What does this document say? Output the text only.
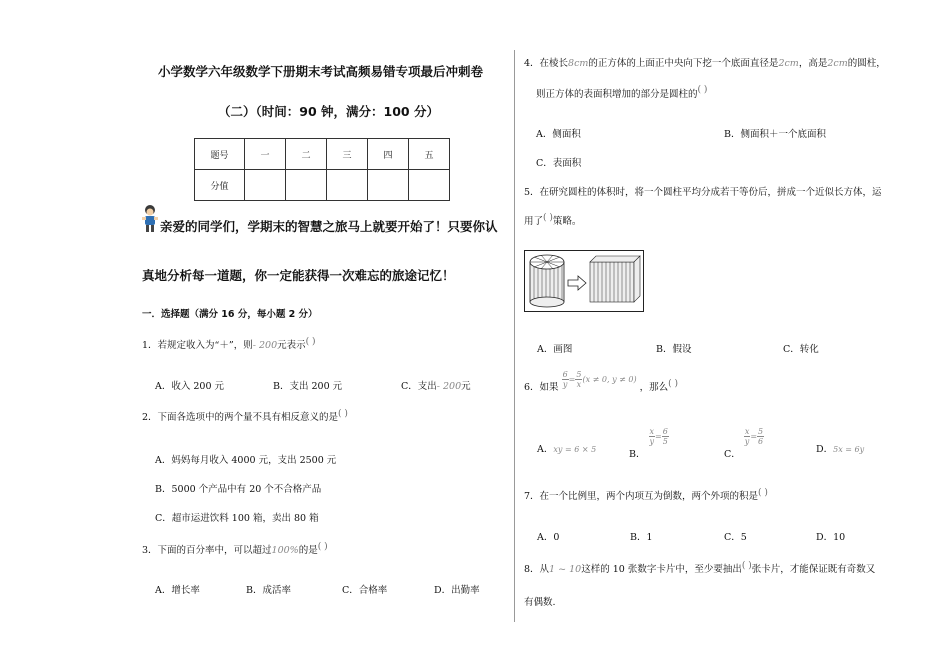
小学数学六年级数学下册期末考试高频易错专项最后冲刺卷
（二）（时间：90 钟，满分：100 分）
题号	一	二	三	四	五
分值					
亲爱的同学们，学期末的智慧之旅马上就要开始了！只要你认
真地分析每一道题，你一定能获得一次难忘的旅途记忆！
一．选择题（满分 16 分，每小题 2 分）
1．若规定收入为“＋”，则- 200元表示( )
A．收入 200 元	B．支出 200 元	C．支出- 200元
2．下面各选项中的两个量不具有相反意义的是( )
A．妈妈每月收入 4000 元，支出 2500 元
B．5000 个产品中有 20 个不合格产品
C．超市运进饮料 100 箱，卖出 80 箱
3．下面的百分率中，可以超过100%的是( )
A．增长率	B．成活率	C．合格率	D．出勤率
4．在棱长8cm的正方体的上面正中央向下挖一个底面直径是2cm，高是2cm的圆柱，
则正方体的表面积增加的部分是圆柱的( )
A．侧面积	B．侧面积＋一个底面积
C．表面积
5．在研究圆柱的体积时，将一个圆柱平均分成若干等份后，拼成一个近似长方体，运
用了( )策略。
A．画图	B．假设	C．转化
6．如果 $\frac{6}{y} = \frac{5}{x} (x \ne 0$, y ≠ 0) ，那么( )
A．xy = 6 × 5	B．
$\frac{x}{y} = \frac{6}{5}$
C．
$\frac{x}{y} = \frac{5}{6}$
D．5x = 6y
7．在一个比例里，两个内项互为倒数，两个外项的积是( )
A．0	B．1	C．5	D．10
8．从1 ~ 10这样的 10 张数字卡片中，至少要抽出( )张卡片，才能保证既有奇数又
有偶数.
